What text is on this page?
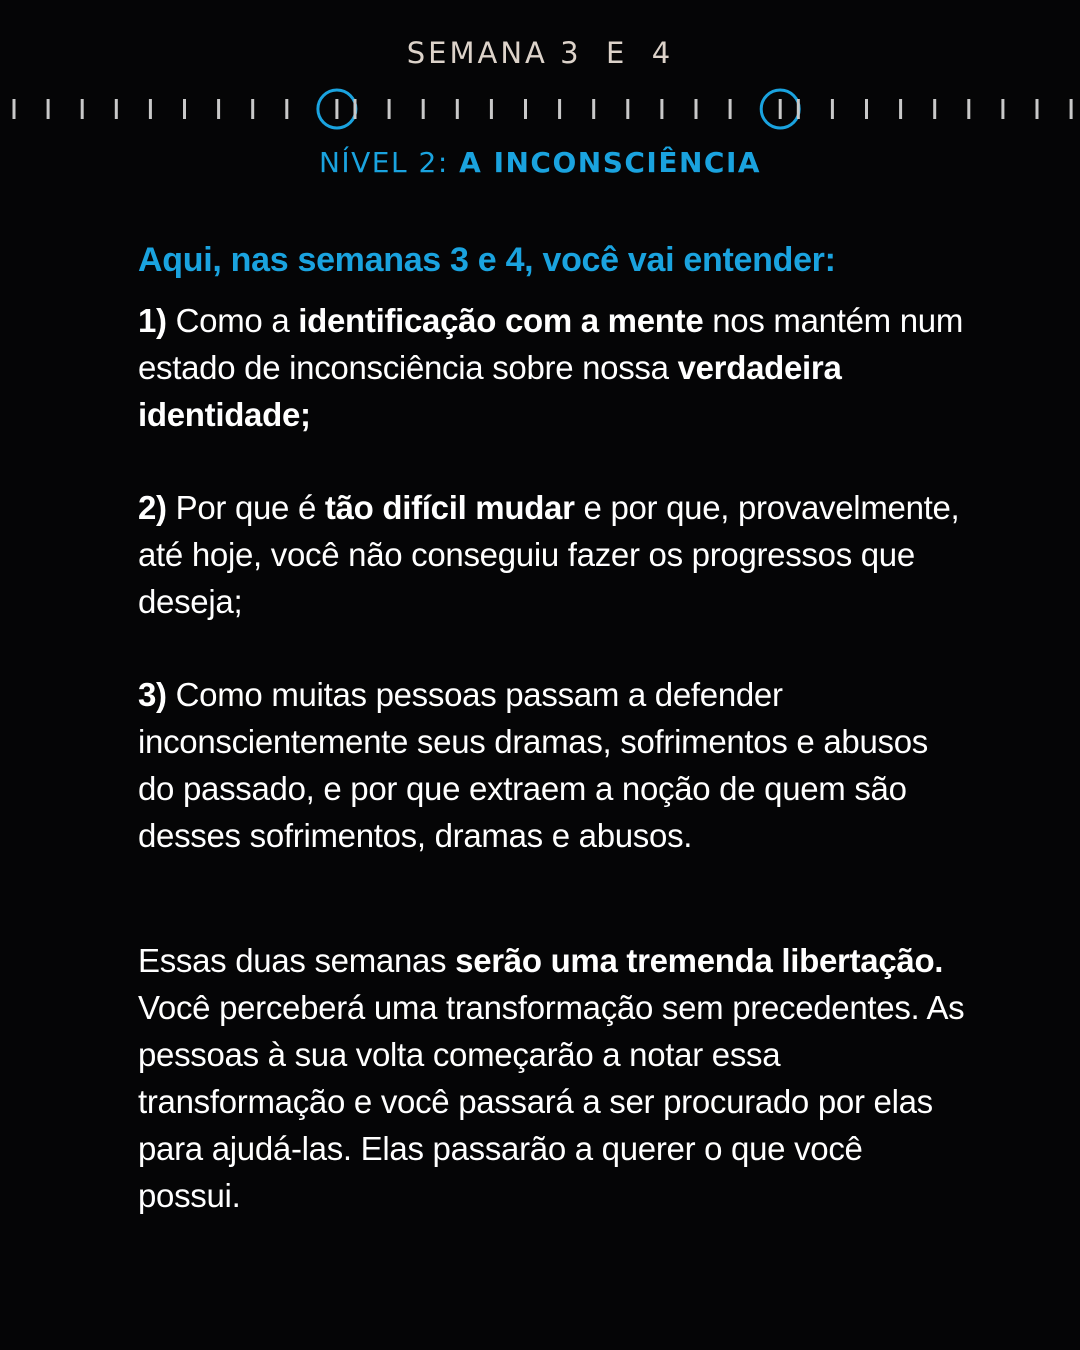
SEMANA 3  E  4
NÍVEL 2: A INCONSCIÊNCIA
Aqui, nas semanas 3 e 4, você vai entender:
1) Como a identificação com a mente nos mantém num estado de inconsciência sobre nossa verdadeira identidade;
2) Por que é tão difícil mudar e por que, provavelmente, até hoje, você não conseguiu fazer os progressos que deseja;
3) Como muitas pessoas passam a defender inconscientemente seus dramas, sofrimentos e abusos do passado, e por que extraem a noção de quem são desses sofrimentos, dramas e abusos.
Essas duas semanas serão uma tremenda libertação. Você perceberá uma transformação sem precedentes. As pessoas à sua volta começarão a notar essa transformação e você passará a ser procurado por elas para ajudá-las. Elas passarão a querer o que você possui.
